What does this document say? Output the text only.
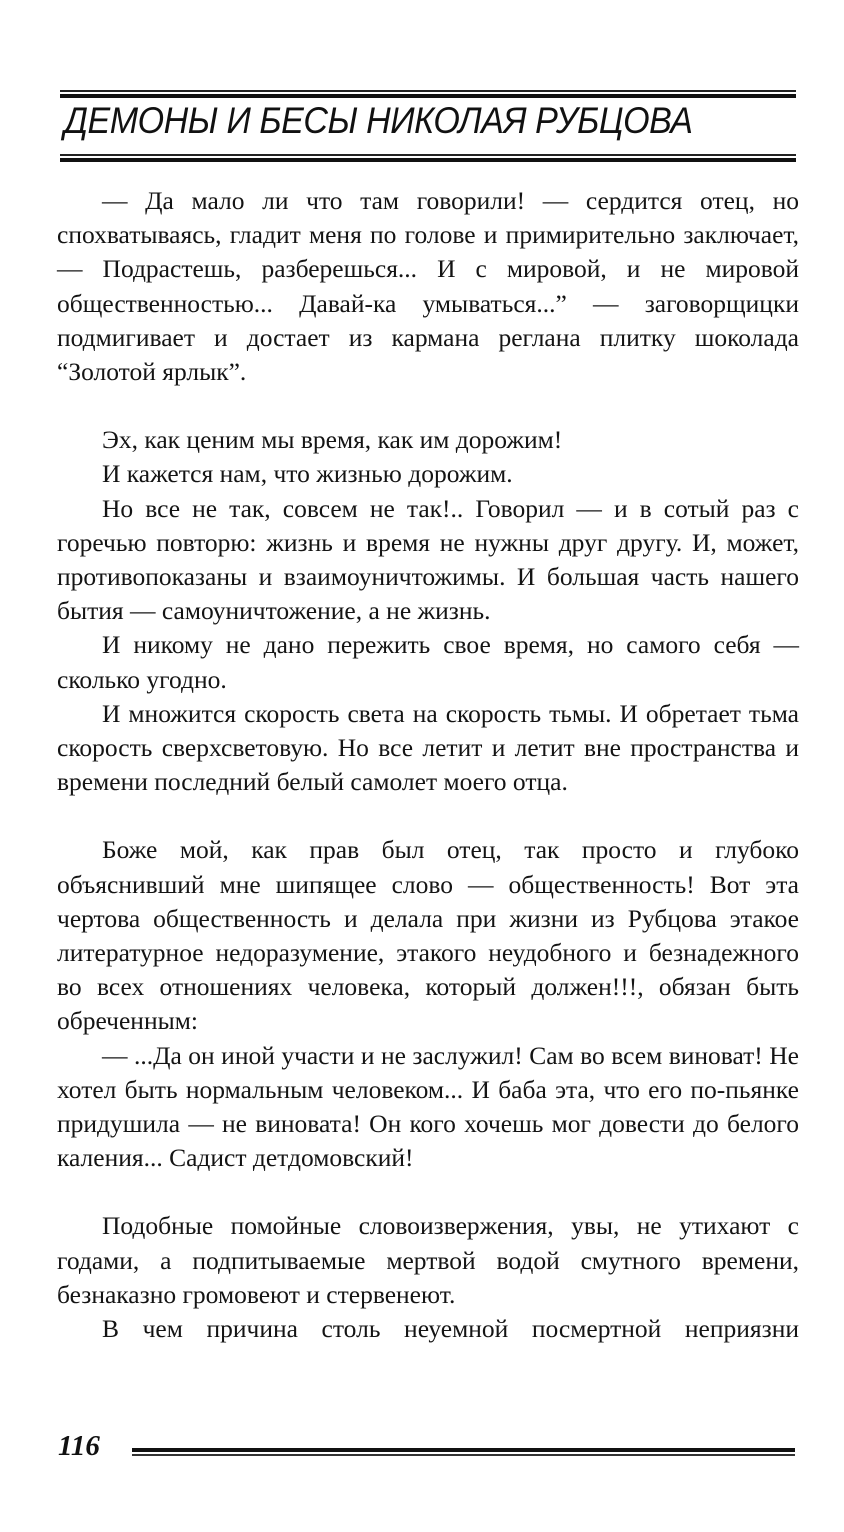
ДЕМОНЫ И БЕСЫ НИКОЛАЯ РУБЦОВА

— Да мало ли что там говорили! — сердится отец, но спохватываясь, гладит меня по голове и примирительно заключает, — Подрастешь, разберешься... И с мировой, и не мировой общественностью... Давай-ка умываться...” — заговорщицки подмигивает и достает из кармана реглана плитку шоколада “Золотой ярлык”.

Эх, как ценим мы время, как им дорожим!

И кажется нам, что жизнью дорожим.

Но все не так, совсем не так!.. Говорил — и в сотый раз с горечью повторю: жизнь и время не нужны друг другу. И, может, противопоказаны и взаимоуничтожимы. И большая часть нашего бытия — самоуничтожение, а не жизнь.

И никому не дано пережить свое время, но самого себя — сколько угодно.

И множится скорость света на скорость тьмы. И обретает тьма скорость сверхсветовую. Но все летит и летит вне пространства и времени последний белый самолет моего отца.

Боже мой, как прав был отец, так просто и глубоко объяснивший мне шипящее слово — общественность! Вот эта чертова общественность и делала при жизни из Рубцова этакое литературное недоразумение, этакого неудобного и безнадежного во всех отношениях человека, который должен!!!, обязан быть обреченным:

— ...Да он иной участи и не заслужил! Сам во всем виноват! Не хотел быть нормальным человеком... И баба эта, что его по-пьянке придушила — не виновата! Он кого хочешь мог довести до белого каления... Садист детдомовский!

Подобные помойные словоизвержения, увы, не утихают с годами, а подпитываемые мертвой водой смутного времени, безнаказно громовеют и стервенеют.

В чем причина столь неуемной посмертной неприязни

116
